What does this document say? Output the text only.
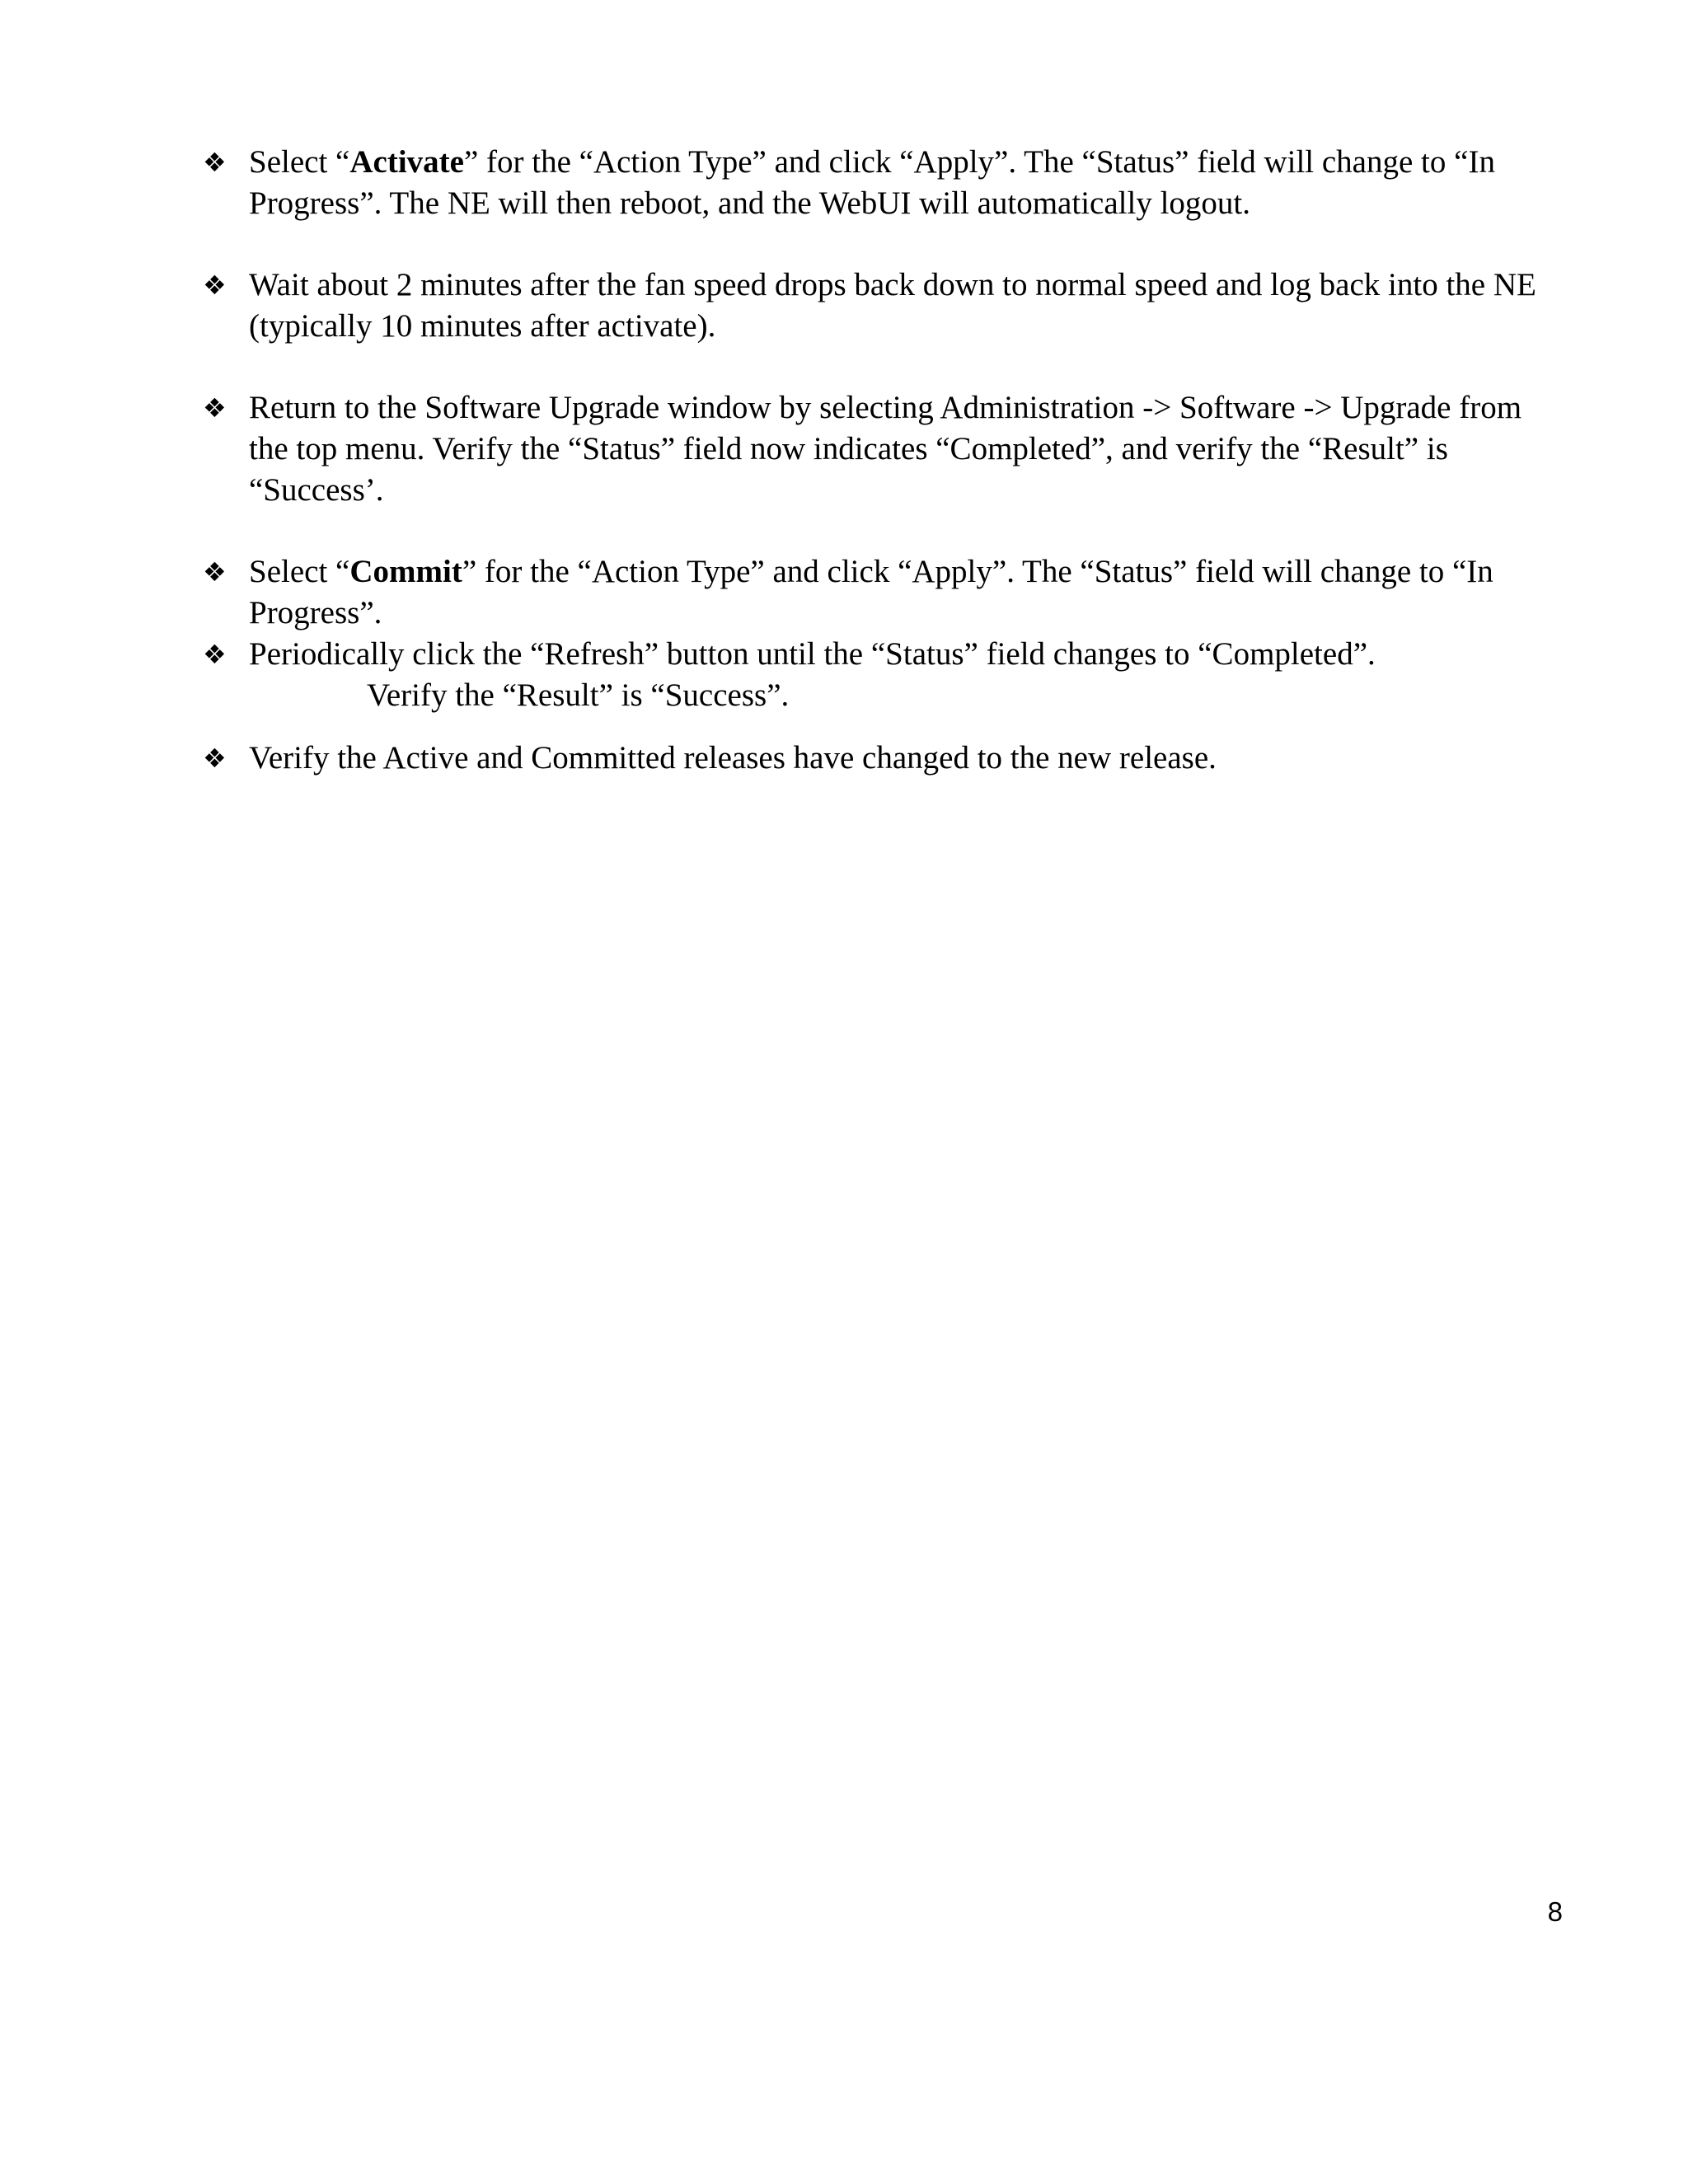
❖ Select “Activate” for the “Action Type” and click “Apply”. The “Status” field will change to “In Progress”. The NE will then reboot, and the WebUI will automatically logout.
❖ Wait about 2 minutes after the fan speed drops back down to normal speed and log back into the NE (typically 10 minutes after activate).
❖ Return to the Software Upgrade window by selecting Administration -> Software -> Upgrade from the top menu. Verify the “Status” field now indicates “Completed”, and verify the “Result” is “Success’.
❖ Select “Commit” for the “Action Type” and click “Apply”. The “Status” field will change to “In Progress”.
❖ Periodically click the “Refresh” button until the “Status” field changes to “Completed”.
Verify the “Result” is “Success”.
❖ Verify the Active and Committed releases have changed to the new release.
8
